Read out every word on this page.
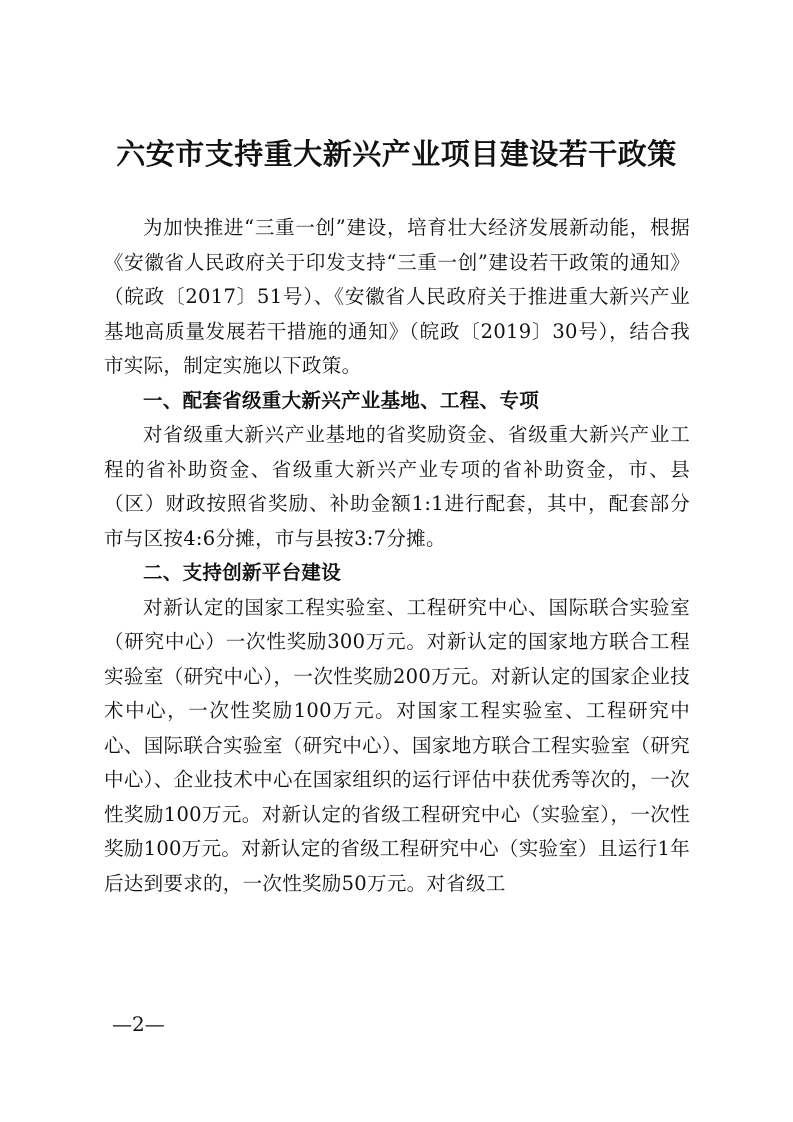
六安市支持重大新兴产业项目建设若干政策

为加快推进“三重一创”建设，培育壮大经济发展新动能，根据《安徽省人民政府关于印发支持“三重一创”建设若干政策的通知》（皖政〔2017〕51号）、《安徽省人民政府关于推进重大新兴产业基地高质量发展若干措施的通知》（皖政〔2019〕30号），结合我市实际，制定实施以下政策。

一、配套省级重大新兴产业基地、工程、专项

对省级重大新兴产业基地的省奖励资金、省级重大新兴产业工程的省补助资金、省级重大新兴产业专项的省补助资金，市、县（区）财政按照省奖励、补助金额1:1进行配套，其中，配套部分市与区按4:6分摊，市与县按3:7分摊。

二、支持创新平台建设

对新认定的国家工程实验室、工程研究中心、国际联合实验室（研究中心）一次性奖励300万元。对新认定的国家地方联合工程实验室（研究中心），一次性奖励200万元。对新认定的国家企业技术中心，一次性奖励100万元。对国家工程实验室、工程研究中心、国际联合实验室（研究中心）、国家地方联合工程实验室（研究中心）、企业技术中心在国家组织的运行评估中获优秀等次的，一次性奖励100万元。对新认定的省级工程研究中心（实验室），一次性奖励100万元。对新认定的省级工程研究中心（实验室）且运行1年后达到要求的，一次性奖励50万元。对省级工

—2—
